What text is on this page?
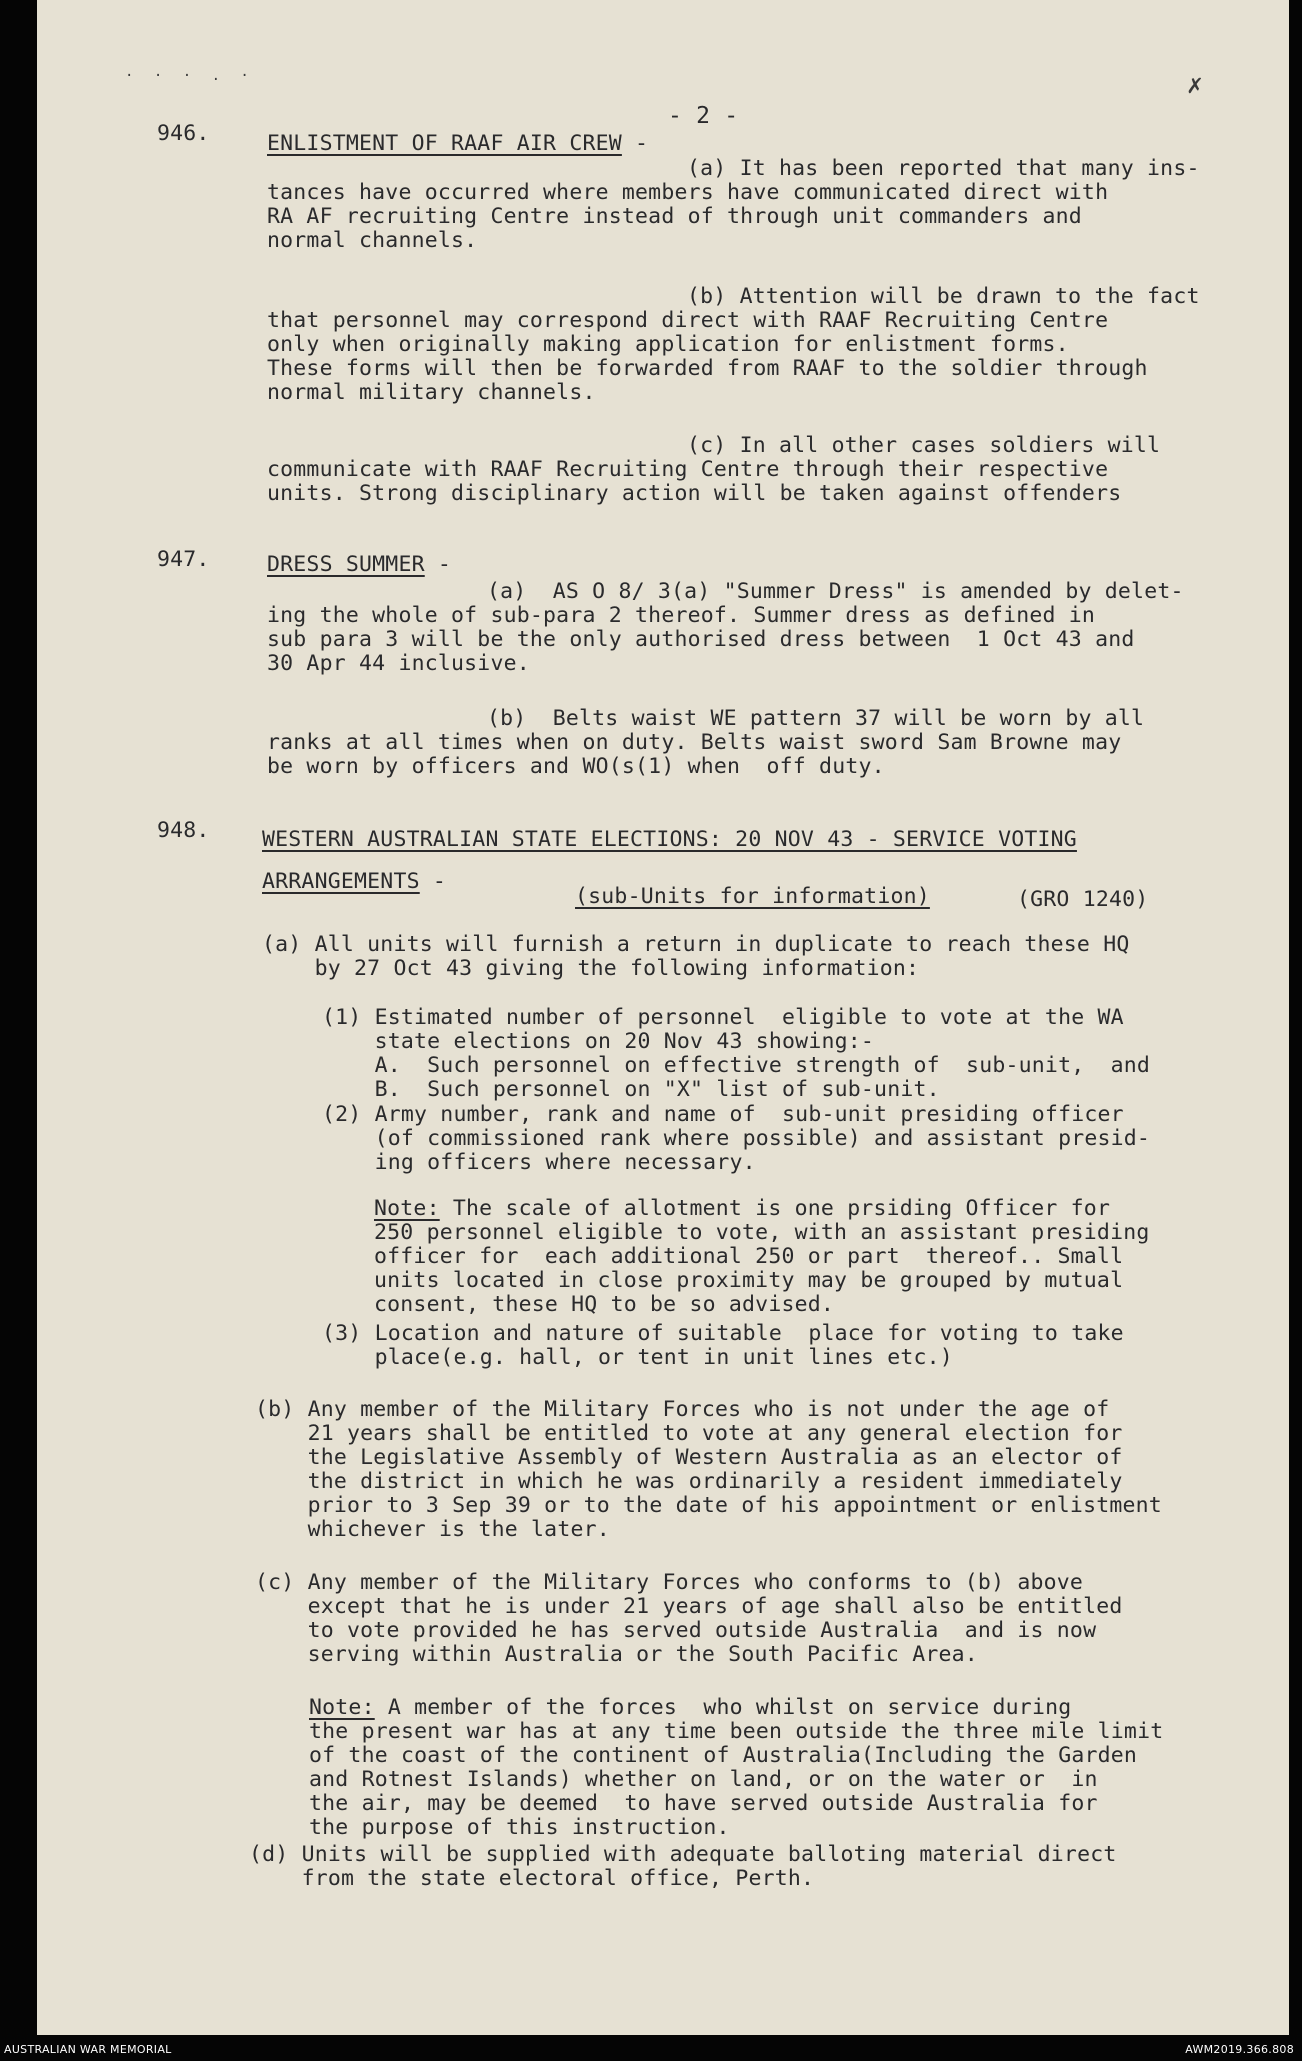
· · · . ·	✗
- 2 -
946.	ENLISTMENT OF RAAF AIR CREW -
(a) It has been reported that many ins-
tances have occurred where members have communicated direct with
RA AF recruiting Centre instead of through unit commanders and
normal channels.
(b) Attention will be drawn to the fact
that personnel may correspond direct with RAAF Recruiting Centre
only when originally making application for enlistment forms.
These forms will then be forwarded from RAAF to the soldier through
normal military channels.
(c) In all other cases soldiers will
communicate with RAAF Recruiting Centre through their respective
units. Strong disciplinary action will be taken against offenders
947.	DRESS SUMMER -
(a)  AS O 8/ 3(a) "Summer Dress" is amended by delet-
ing the whole of sub-para 2 thereof. Summer dress as defined in
sub para 3 will be the only authorised dress between  1 Oct 43 and
30 Apr 44 inclusive.
(b)  Belts waist WE pattern 37 will be worn by all
ranks at all times when on duty. Belts waist sword Sam Browne may
be worn by officers and WO(s(1) when  off duty.
948. WESTERN AUSTRALIAN STATE ELECTIONS: 20 NOV 43 - SERVICE VOTING
ARRANGEMENTS -
(sub-Units for information)	(GRO 1240)
(a) All units will furnish a return in duplicate to reach these HQ
by 27 Oct 43 giving the following information:
(1) Estimated number of personnel  eligible to vote at the WA
state elections on 20 Nov 43 showing:-
A.  Such personnel on effective strength of  sub-unit,  and
B.  Such personnel on "X" list of sub-unit.
(2) Army number, rank and name of  sub-unit presiding officer
(of commissioned rank where possible) and assistant presid-
ing officers where necessary.
Note: The scale of allotment is one prsiding Officer for
250 personnel eligible to vote, with an assistant presiding
officer for  each additional 250 or part  thereof.. Small
units located in close proximity may be grouped by mutual
consent, these HQ to be so advised.
(3) Location and nature of suitable  place for voting to take
place(e.g. hall, or tent in unit lines etc.)
(b) Any member of the Military Forces who is not under the age of
21 years shall be entitled to vote at any general election for
the Legislative Assembly of Western Australia as an elector of
the district in which he was ordinarily a resident immediately
prior to 3 Sep 39 or to the date of his appointment or enlistment
whichever is the later.
(c) Any member of the Military Forces who conforms to (b) above
except that he is under 21 years of age shall also be entitled
to vote provided he has served outside Australia  and is now
serving within Australia or the South Pacific Area.
Note: A member of the forces  who whilst on service during
the present war has at any time been outside the three mile limit
of the coast of the continent of Australia(Including the Garden
and Rotnest Islands) whether on land, or on the water or  in
the air, may be deemed  to have served outside Australia for
the purpose of this instruction.
(d) Units will be supplied with adequate balloting material direct
from the state electoral office, Perth.
AUSTRALIAN WAR MEMORIAL	AWM2019.366.808
